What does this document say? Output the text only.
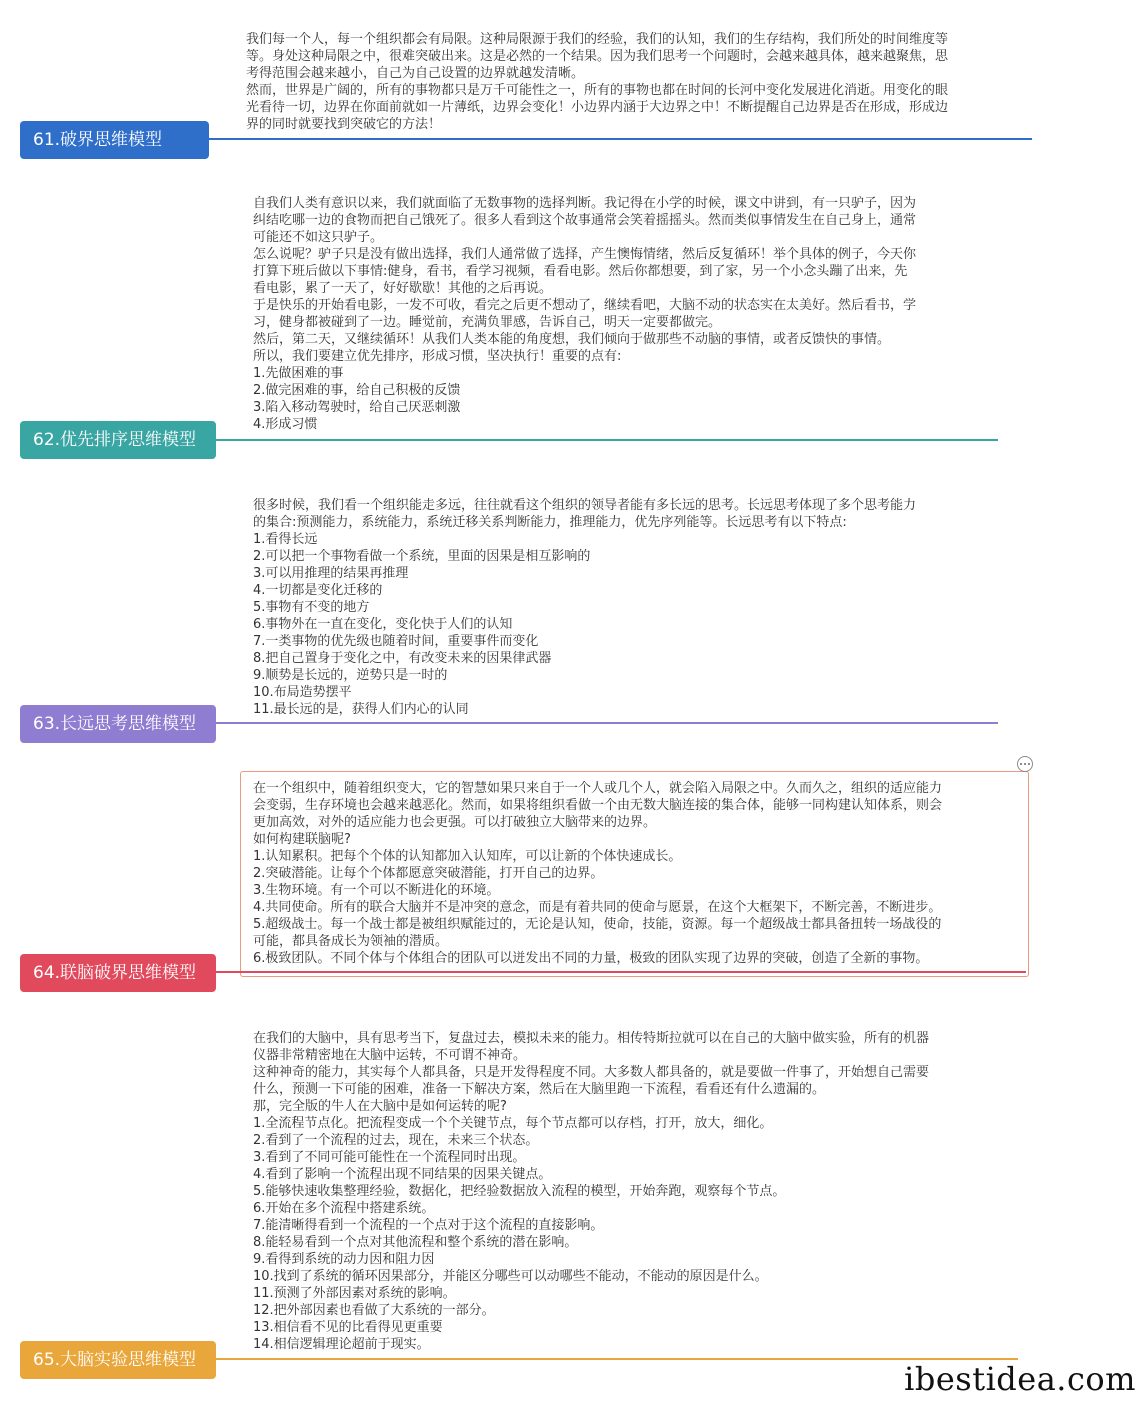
我们每一个人，每一个组织都会有局限。这种局限源于我们的经验，我们的认知，我们的生存结构，我们所处的时间维度等

等。身处这种局限之中，很难突破出来。这是必然的一个结果。因为我们思考一个问题时，会越来越具体，越来越聚焦，思

考得范围会越来越小，自己为自己设置的边界就越发清晰。

然而，世界是广阔的，所有的事物都只是万千可能性之一，所有的事物也都在时间的长河中变化发展进化消逝。用变化的眼

光看待一切，边界在你面前就如一片薄纸，边界会变化！小边界内涵于大边界之中！不断提醒自己边界是否在形成，形成边

界的同时就要找到突破它的方法！

61.破界思维模型

自我们人类有意识以来，我们就面临了无数事物的选择判断。我记得在小学的时候，课文中讲到，有一只驴子，因为

纠结吃哪一边的食物而把自己饿死了。很多人看到这个故事通常会笑着摇摇头。然而类似事情发生在自己身上，通常

可能还不如这只驴子。

怎么说呢？驴子只是没有做出选择，我们人通常做了选择，产生懊悔情绪，然后反复循环！举个具体的例子，今天你

打算下班后做以下事情:健身，看书，看学习视频，看看电影。然后你都想要，到了家，另一个小念头蹦了出来，先

看电影，累了一天了，好好歇歇！其他的之后再说。

于是快乐的开始看电影，一发不可收，看完之后更不想动了，继续看吧，大脑不动的状态实在太美好。然后看书，学

习，健身都被碰到了一边。睡觉前，充满负罪感，告诉自己，明天一定要都做完。

然后，第二天，又继续循环！从我们人类本能的角度想，我们倾向于做那些不动脑的事情，或者反馈快的事情。

所以，我们要建立优先排序，形成习惯，坚决执行！重要的点有:

1.先做困难的事

2.做完困难的事，给自己积极的反馈

3.陷入移动驾驶时，给自己厌恶刺激

4.形成习惯

62.优先排序思维模型

很多时候，我们看一个组织能走多远，往往就看这个组织的领导者能有多长远的思考。长远思考体现了多个思考能力

的集合:预测能力，系统能力，系统迁移关系判断能力，推理能力，优先序列能等。长远思考有以下特点:

1.看得长远

2.可以把一个事物看做一个系统，里面的因果是相互影响的

3.可以用推理的结果再推理

4.一切都是变化迁移的

5.事物有不变的地方

6.事物外在一直在变化，变化快于人们的认知

7.一类事物的优先级也随着时间，重要事件而变化

8.把自己置身于变化之中，有改变未来的因果律武器

9.顺势是长远的，逆势只是一时的

10.布局造势摆平

11.最长远的是，获得人们内心的认同

63.长远思考思维模型

在一个组织中，随着组织变大，它的智慧如果只来自于一个人或几个人，就会陷入局限之中。久而久之，组织的适应能力

会变弱，生存环境也会越来越恶化。然而，如果将组织看做一个由无数大脑连接的集合体，能够一同构建认知体系，则会

更加高效，对外的适应能力也会更强。可以打破独立大脑带来的边界。

如何构建联脑呢?

1.认知累积。把每个个体的认知都加入认知库，可以让新的个体快速成长。

2.突破潜能。让每个个体都愿意突破潜能，打开自己的边界。

3.生物环境。有一个可以不断进化的环境。

4.共同使命。所有的联合大脑并不是冲突的意念，而是有着共同的使命与愿景，在这个大框架下，不断完善，不断进步。

5.超级战士。每一个战士都是被组织赋能过的，无论是认知，使命，技能，资源。每一个超级战士都具备扭转一场战役的

可能，都具备成长为领袖的潜质。

6.极致团队。不同个体与个体组合的团队可以迸发出不同的力量，极致的团队实现了边界的突破，创造了全新的事物。

64.联脑破界思维模型

在我们的大脑中，具有思考当下，复盘过去，模拟未来的能力。相传特斯拉就可以在自己的大脑中做实验，所有的机器

仪器非常精密地在大脑中运转，不可谓不神奇。

这种神奇的能力，其实每个人都具备，只是开发得程度不同。大多数人都具备的，就是要做一件事了，开始想自己需要

什么，预测一下可能的困难，准备一下解决方案，然后在大脑里跑一下流程，看看还有什么遗漏的。

那，完全版的牛人在大脑中是如何运转的呢?

1.全流程节点化。把流程变成一个个关键节点，每个节点都可以存档，打开，放大，细化。

2.看到了一个流程的过去，现在，未来三个状态。

3.看到了不同可能可能性在一个流程同时出现。

4.看到了影响一个流程出现不同结果的因果关键点。

5.能够快速收集整理经验，数据化，把经验数据放入流程的模型，开始奔跑，观察每个节点。

6.开始在多个流程中搭建系统。

7.能清晰得看到一个流程的一个点对于这个流程的直接影响。

8.能轻易看到一个点对其他流程和整个系统的潜在影响。

9.看得到系统的动力因和阻力因

10.找到了系统的循环因果部分，并能区分哪些可以动哪些不能动，不能动的原因是什么。

11.预测了外部因素对系统的影响。

12.把外部因素也看做了大系统的一部分。

13.相信看不见的比看得见更重要

14.相信逻辑理论超前于现实。

65.大脑实验思维模型	ibestidea.com
